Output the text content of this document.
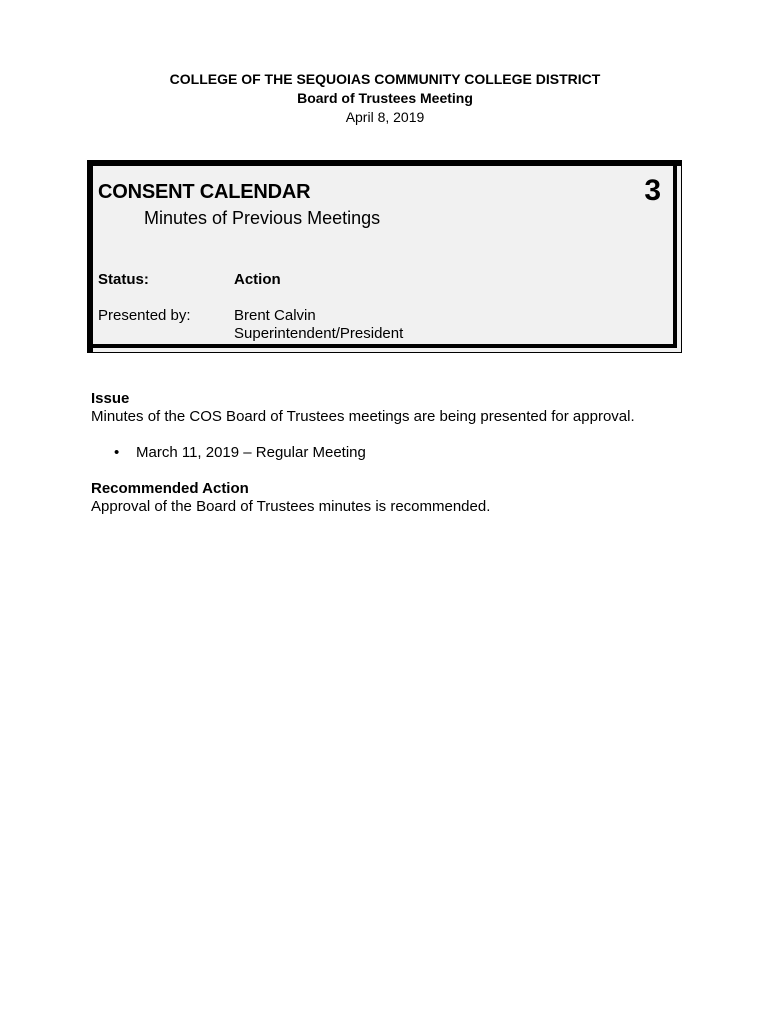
COLLEGE OF THE SEQUOIAS COMMUNITY COLLEGE DISTRICT
Board of Trustees Meeting
April 8, 2019
CONSENT CALENDAR
Minutes of Previous Meetings
3
Status:	Action
Presented by:	Brent Calvin
Superintendent/President
Issue
Minutes of the COS Board of Trustees meetings are being presented for approval.
•	March 11, 2019 – Regular Meeting
Recommended Action
Approval of the Board of Trustees minutes is recommended.
